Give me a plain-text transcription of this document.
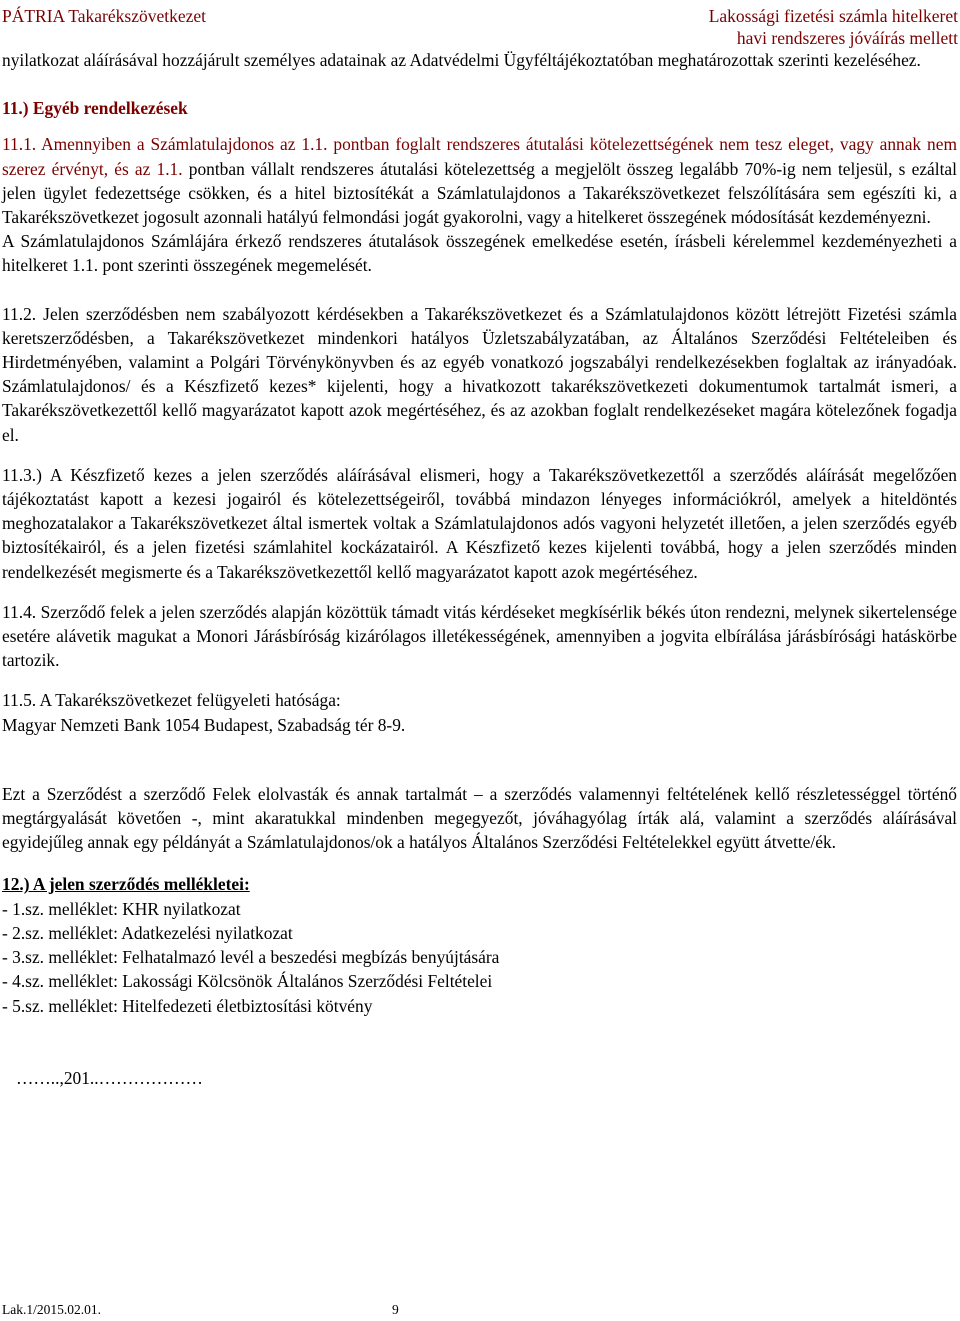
PÁTRIA Takarékszövetkezet	Lakossági fizetési számla hitelkeret
havi rendszeres jóváírás mellett

nyilatkozat aláírásával hozzájárult személyes adatainak az Adatvédelmi Ügyféltájékoztatóban meghatározottak szerinti kezeléséhez.

11.) Egyéb rendelkezések

11.1. Amennyiben a Számlatulajdonos az 1.1. pontban foglalt rendszeres átutalási kötelezettségének nem tesz eleget, vagy annak nem szerez érvényt, és az 1.1. pontban vállalt rendszeres átutalási kötelezettség a megjelölt összeg legalább 70%-ig nem teljesül, s ezáltal jelen ügylet fedezettsége csökken, és a hitel biztosítékát a Számlatulajdonos a Takarékszövetkezet felszólítására sem egészíti ki, a Takarékszövetkezet jogosult azonnali hatályú felmondási jogát gyakorolni, vagy a hitelkeret összegének módosítását kezdeményezni.

A Számlatulajdonos Számlájára érkező rendszeres átutalások összegének emelkedése esetén, írásbeli kérelemmel kezdeményezheti a hitelkeret 1.1. pont szerinti összegének megemelését.

11.2. Jelen szerződésben nem szabályozott kérdésekben a Takarékszövetkezet és a Számlatulajdonos között létrejött Fizetési számla keretszerződésben, a Takarékszövetkezet mindenkori hatályos Üzletszabályzatában, az Általános Szerződési Feltételeiben és Hirdetményében, valamint a Polgári Törvénykönyvben és az egyéb vonatkozó jogszabályi rendelkezésekben foglaltak az irányadóak. Számlatulajdonos/ és a Készfizető kezes* kijelenti, hogy a hivatkozott takarékszövetkezeti dokumentumok tartalmát ismeri, a Takarékszövetkezettől kellő magyarázatot kapott azok megértéséhez, és az azokban foglalt rendelkezéseket magára kötelezőnek fogadja el.

11.3.) A Készfizető kezes a jelen szerződés aláírásával elismeri, hogy a Takarékszövetkezettől a szerződés aláírását megelőzően tájékoztatást kapott a kezesi jogairól és kötelezettségeiről, továbbá mindazon lényeges információkról, amelyek a hiteldöntés meghozatalakor a Takarékszövetkezet által ismertek voltak a Számlatulajdonos adós vagyoni helyzetét illetően, a jelen szerződés egyéb biztosítékairól, és a jelen fizetési számlahitel kockázatairól. A Készfizető kezes kijelenti továbbá, hogy a jelen szerződés minden rendelkezését megismerte és a Takarékszövetkezettől kellő magyarázatot kapott azok megértéséhez.

11.4. Szerződő felek a jelen szerződés alapján közöttük támadt vitás kérdéseket megkísérlik békés úton rendezni, melynek sikertelensége esetére alávetik magukat a Monori Járásbíróság kizárólagos illetékességének, amennyiben a jogvita elbírálása járásbírósági hatáskörbe tartozik.

11.5. A Takarékszövetkezet felügyeleti hatósága:

Magyar Nemzeti Bank 1054 Budapest, Szabadság tér 8-9.

Ezt a Szerződést a szerződő Felek elolvasták és annak tartalmát – a szerződés valamennyi feltételének kellő részletességgel történő megtárgyalását követően -, mint akaratukkal mindenben megegyezőt, jóváhagyólag írták alá, valamint a szerződés aláírásával egyidejűleg annak egy példányát a Számlatulajdonos/ok a hatályos Általános Szerződési Feltételekkel együtt átvette/ék.

12.) A jelen szerződés mellékletei:

- 1.sz. melléklet: KHR nyilatkozat
- 2.sz. melléklet: Adatkezelési nyilatkozat
- 3.sz. melléklet: Felhatalmazó levél a beszedési megbízás benyújtására
- 4.sz. melléklet: Lakossági Kölcsönök Általános Szerződési Feltételei
- 5.sz. melléklet: Hitelfedezeti életbiztosítási kötvény

……..,201..………………

Lak.1/2015.02.01.	9
